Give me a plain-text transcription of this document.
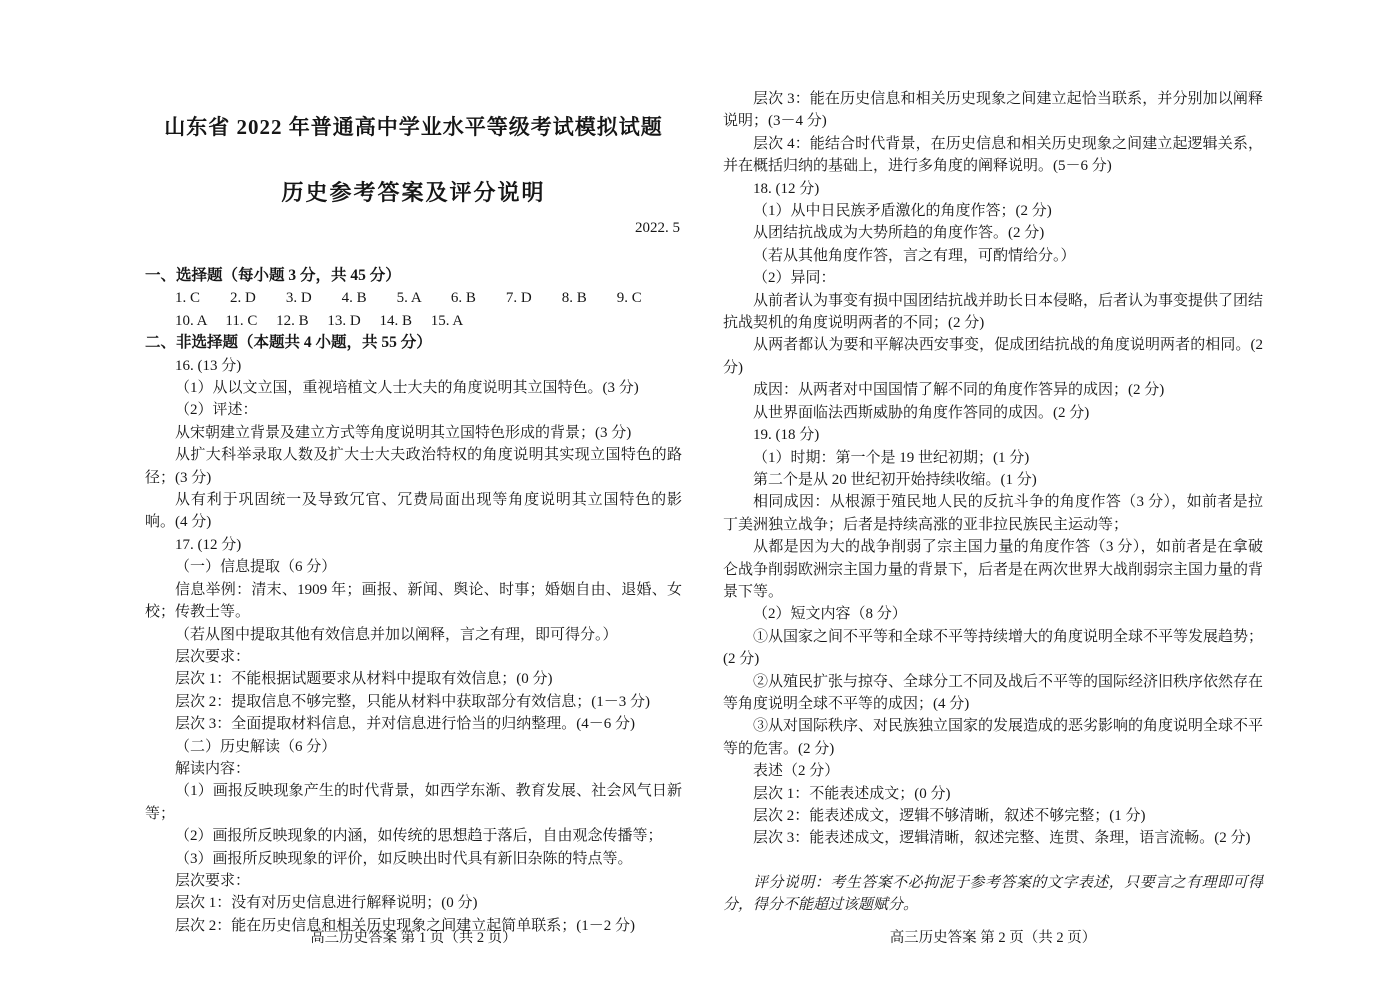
山东省 2022 年普通高中学业水平等级考试模拟试题
历史参考答案及评分说明
2022. 5

一、选择题（每小题 3 分，共 45 分）

1. C　　2. D　　3. D　　4. B　　5. A　　6. B　　7. D　　8. B　　9. C

10. A　 11. C　 12. B　 13. D　 14. B　 15. A

二、非选择题（本题共 4 小题，共 55 分）

16. (13 分)

（1）从以文立国，重视培植文人士大夫的角度说明其立国特色。(3 分)

（2）评述：

从宋朝建立背景及建立方式等角度说明其立国特色形成的背景；(3 分)

从扩大科举录取人数及扩大士大夫政治特权的角度说明其实现立国特色的路径；(3 分)

从有利于巩固统一及导致冗官、冗费局面出现等角度说明其立国特色的影响。(4 分)

17. (12 分)

（一）信息提取（6 分）

信息举例：清末、1909 年；画报、新闻、舆论、时事；婚姻自由、退婚、女校；传教士等。

（若从图中提取其他有效信息并加以阐释，言之有理，即可得分。）

层次要求：

层次 1：不能根据试题要求从材料中提取有效信息；(0 分)

层次 2：提取信息不够完整，只能从材料中获取部分有效信息；(1－3 分)

层次 3：全面提取材料信息，并对信息进行恰当的归纳整理。(4－6 分)

（二）历史解读（6 分）

解读内容：

（1）画报反映现象产生的时代背景，如西学东渐、教育发展、社会风气日新等；

（2）画报所反映现象的内涵，如传统的思想趋于落后，自由观念传播等；

（3）画报所反映现象的评价，如反映出时代具有新旧杂陈的特点等。

层次要求：

层次 1：没有对历史信息进行解释说明；(0 分)

层次 2：能在历史信息和相关历史现象之间建立起简单联系；(1－2 分)

层次 3：能在历史信息和相关历史现象之间建立起恰当联系，并分别加以阐释说明；(3－4 分)

层次 4：能结合时代背景，在历史信息和相关历史现象之间建立起逻辑关系，并在概括归纳的基础上，进行多角度的阐释说明。(5－6 分)

18. (12 分)

（1）从中日民族矛盾激化的角度作答；(2 分)

从团结抗战成为大势所趋的角度作答。(2 分)

（若从其他角度作答，言之有理，可酌情给分。）

（2）异同：

从前者认为事变有损中国团结抗战并助长日本侵略，后者认为事变提供了团结抗战契机的角度说明两者的不同；(2 分)

从两者都认为要和平解决西安事变，促成团结抗战的角度说明两者的相同。(2 分)

成因：从两者对中国国情了解不同的角度作答异的成因；(2 分)

从世界面临法西斯威胁的角度作答同的成因。(2 分)

19. (18 分)

（1）时期：第一个是 19 世纪初期；(1 分)

第二个是从 20 世纪初开始持续收缩。(1 分)

相同成因：从根源于殖民地人民的反抗斗争的角度作答（3 分），如前者是拉丁美洲独立战争；后者是持续高涨的亚非拉民族民主运动等；

从都是因为大的战争削弱了宗主国力量的角度作答（3 分），如前者是在拿破仑战争削弱欧洲宗主国力量的背景下，后者是在两次世界大战削弱宗主国力量的背景下等。

（2）短文内容（8 分）

①从国家之间不平等和全球不平等持续增大的角度说明全球不平等发展趋势；(2 分)

②从殖民扩张与掠夺、全球分工不同及战后不平等的国际经济旧秩序依然存在等角度说明全球不平等的成因；(4 分)

③从对国际秩序、对民族独立国家的发展造成的恶劣影响的角度说明全球不平等的危害。(2 分)

表述（2 分）

层次 1：不能表述成文；(0 分)

层次 2：能表述成文，逻辑不够清晰，叙述不够完整；(1 分)

层次 3：能表述成文，逻辑清晰，叙述完整、连贯、条理，语言流畅。(2 分)

评分说明：考生答案不必拘泥于参考答案的文字表述，只要言之有理即可得分，得分不能超过该题赋分。

高三历史答案 第 1 页（共 2 页）	高三历史答案 第 2 页（共 2 页）
